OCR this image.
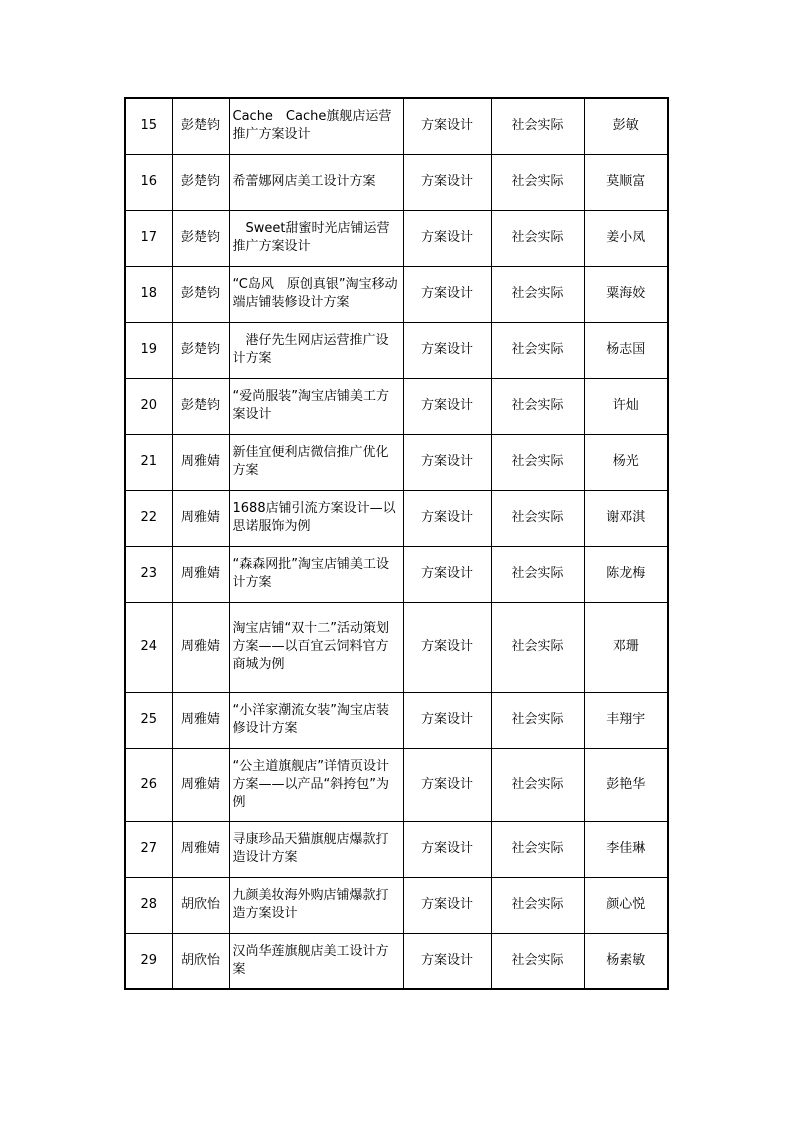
15	彭楚钧	Cache　Cache旗舰店运营推广方案设计	方案设计	社会实际	彭敏
16	彭楚钧	希蕾娜网店美工设计方案	方案设计	社会实际	莫顺富
17	彭楚钧	　Sweet甜蜜时光店铺运营推广方案设计	方案设计	社会实际	姜小凤
18	彭楚钧	“C岛风　原创真银”淘宝移动端店铺装修设计方案	方案设计	社会实际	粟海姣
19	彭楚钧	　港仔先生网店运营推广设计方案	方案设计	社会实际	杨志国
20	彭楚钧	“爱尚服装”淘宝店铺美工方案设计	方案设计	社会实际	许灿
21	周雅婧	新佳宜便利店微信推广优化方案	方案设计	社会实际	杨光
22	周雅婧	1688店铺引流方案设计—以思诺服饰为例	方案设计	社会实际	谢邓淇
23	周雅婧	“森森网批”淘宝店铺美工设计方案	方案设计	社会实际	陈龙梅
24	周雅婧	淘宝店铺“双十二”活动策划方案——以百宜云饲料官方商城为例	方案设计	社会实际	邓珊
25	周雅婧	“小洋家潮流女装”淘宝店装修设计方案	方案设计	社会实际	丰翔宇
26	周雅婧	“公主道旗舰店”详情页设计方案——以产品“斜挎包”为例	方案设计	社会实际	彭艳华
27	周雅婧	寻康珍品天猫旗舰店爆款打造设计方案	方案设计	社会实际	李佳琳
28	胡欣怡	九颜美妆海外购店铺爆款打造方案设计	方案设计	社会实际	颜心悦
29	胡欣怡	汉尚华莲旗舰店美工设计方案	方案设计	社会实际	杨素敏
